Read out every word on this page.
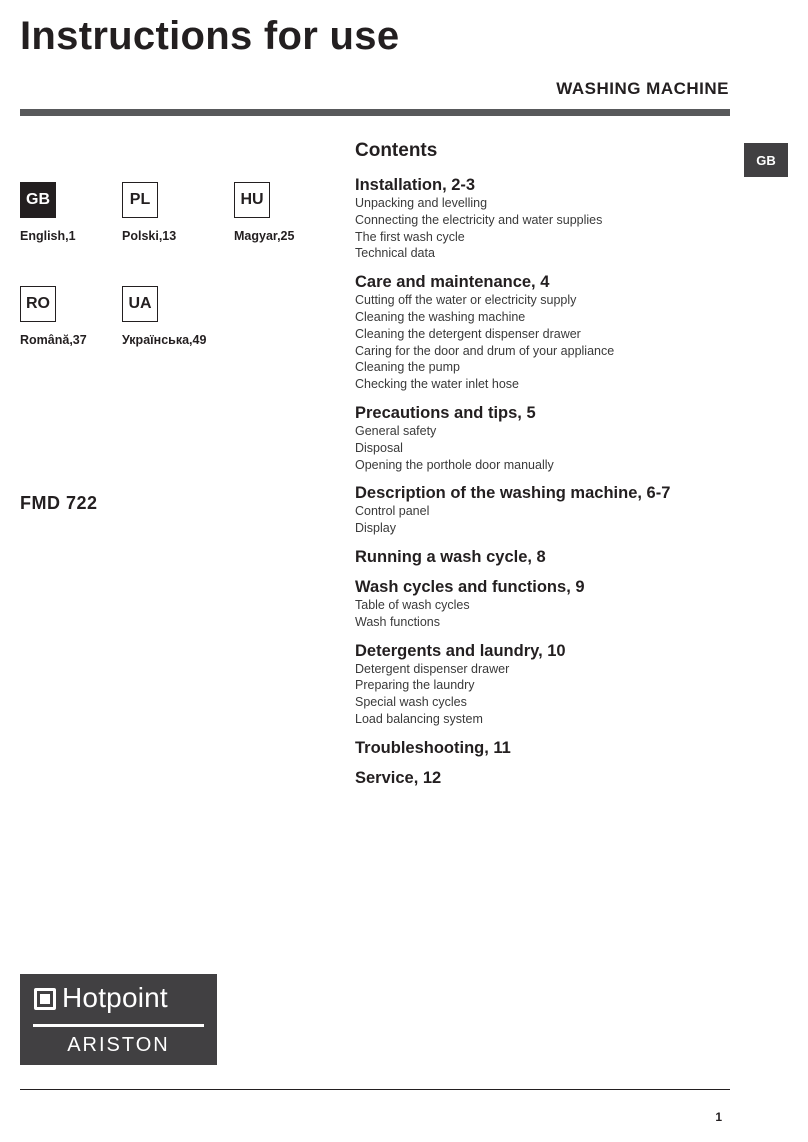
Instructions for use
WASHING MACHINE
GB
GB
English,1
PL
Polski,13
HU
Magyar,25
RO
Română,37
UA
Українська,49
FMD 722
Contents
Installation, 2-3
Unpacking and levelling
Connecting the electricity and water supplies
The first wash cycle
Technical data
Care and maintenance, 4
Cutting off the water or electricity supply
Cleaning the washing machine
Cleaning the detergent dispenser drawer
Caring for the door and drum of your appliance
Cleaning the pump
Checking the water inlet hose
Precautions and tips, 5
General safety
Disposal
Opening the porthole door manually
Description of the washing machine, 6-7
Control panel
Display
Running a wash cycle, 8
Wash cycles and functions, 9
Table of wash cycles
Wash functions
Detergents and laundry, 10
Detergent dispenser drawer
Preparing the laundry
Special wash cycles
Load balancing system
Troubleshooting, 11
Service, 12
Hotpoint
ARISTON
1
